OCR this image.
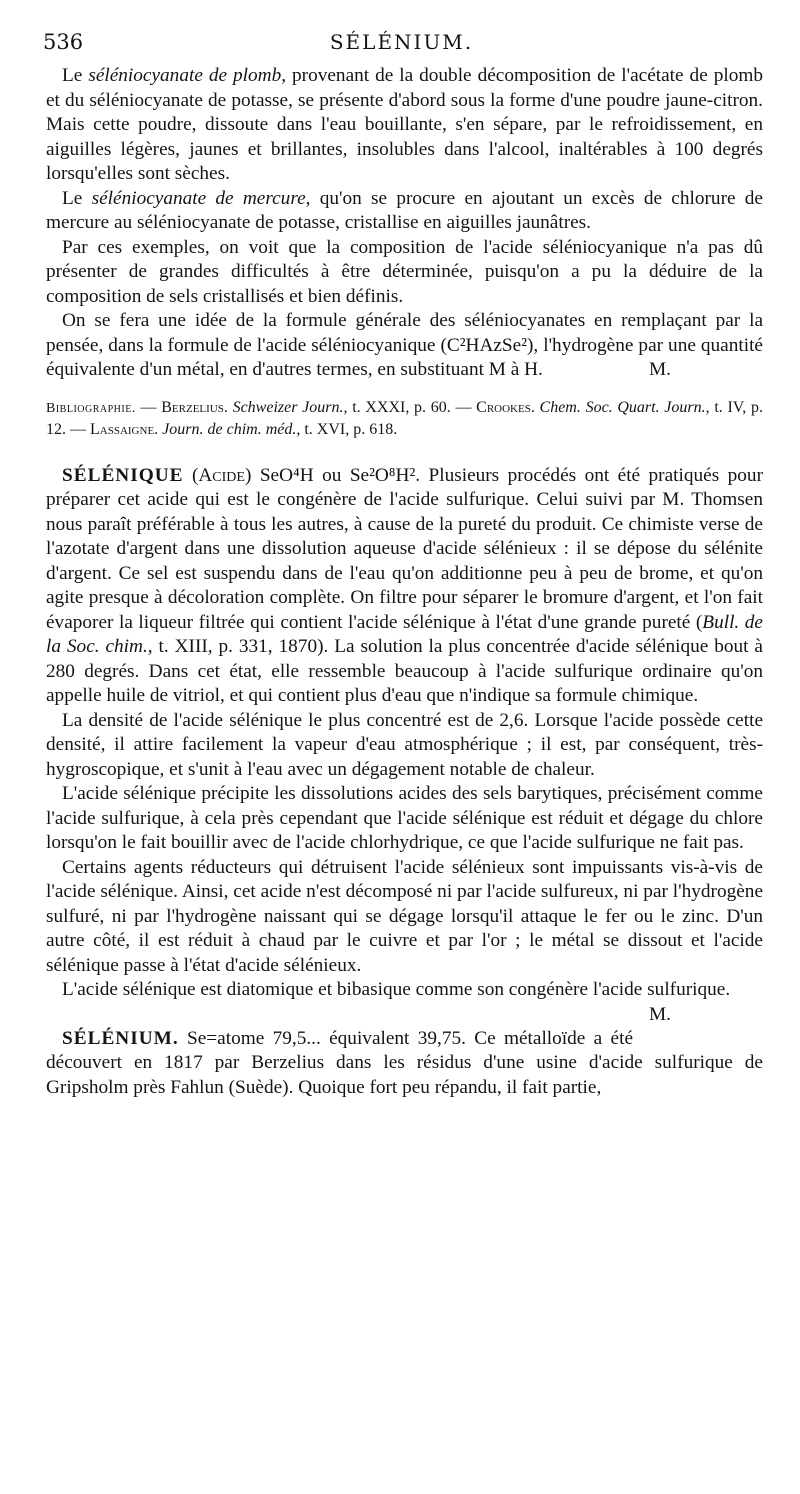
536	SÉLÉNIUM.

Le séléniocyanate de plomb, provenant de la double décomposition de l'acétate de plomb et du séléniocyanate de potasse, se présente d'abord sous la forme d'une poudre jaune-citron. Mais cette poudre, dissoute dans l'eau bouillante, s'en sépare, par le refroidissement, en aiguilles légères, jaunes et brillantes, insolubles dans l'alcool, inaltérables à 100 degrés lorsqu'elles sont sèches.

Le séléniocyanate de mercure, qu'on se procure en ajoutant un excès de chlorure de mercure au séléniocyanate de potasse, cristallise en aiguilles jaunâtres.

Par ces exemples, on voit que la composition de l'acide séléniocyanique n'a pas dû présenter de grandes difficultés à être déterminée, puisqu'on a pu la déduire de la composition de sels cristallisés et bien définis.

On se fera une idée de la formule générale des séléniocyanates en remplaçant par la pensée, dans la formule de l'acide séléniocyanique (C²HAzSe²), l'hydrogène par une quantité équivalente d'un métal, en d'autres termes, en substituant M à H.	M.

Bibliographie. — Berzelius. Schweizer Journ., t. XXXI, p. 60. — Crookes. Chem. Soc. Quart. Journ., t. IV, p. 12. — Lassaigne. Journ. de chim. méd., t. XVI, p. 618.

SÉLÉNIQUE (Acide) SeO⁴H ou Se²O⁸H². Plusieurs procédés ont été pratiqués pour préparer cet acide qui est le congénère de l'acide sulfurique. Celui suivi par M. Thomsen nous paraît préférable à tous les autres, à cause de la pureté du produit. Ce chimiste verse de l'azotate d'argent dans une dissolution aqueuse d'acide sélénieux : il se dépose du sélénite d'argent. Ce sel est suspendu dans de l'eau qu'on additionne peu à peu de brome, et qu'on agite presque à décoloration complète. On filtre pour séparer le bromure d'argent, et l'on fait évaporer la liqueur filtrée qui contient l'acide sélénique à l'état d'une grande pureté (Bull. de la Soc. chim., t. XIII, p. 331, 1870). La solution la plus concentrée d'acide sélénique bout à 280 degrés. Dans cet état, elle ressemble beaucoup à l'acide sulfurique ordinaire qu'on appelle huile de vitriol, et qui contient plus d'eau que n'indique sa formule chimique.

La densité de l'acide sélénique le plus concentré est de 2,6. Lorsque l'acide possède cette densité, il attire facilement la vapeur d'eau atmosphérique ; il est, par conséquent, très-hygroscopique, et s'unit à l'eau avec un dégagement notable de chaleur.

L'acide sélénique précipite les dissolutions acides des sels barytiques, précisément comme l'acide sulfurique, à cela près cependant que l'acide sélénique est réduit et dégage du chlore lorsqu'on le fait bouillir avec de l'acide chlorhydrique, ce que l'acide sulfurique ne fait pas.

Certains agents réducteurs qui détruisent l'acide sélénieux sont impuissants vis-à-vis de l'acide sélénique. Ainsi, cet acide n'est décomposé ni par l'acide sulfureux, ni par l'hydrogène sulfuré, ni par l'hydrogène naissant qui se dégage lorsqu'il attaque le fer ou le zinc. D'un autre côté, il est réduit à chaud par le cuivre et par l'or ; le métal se dissout et l'acide sélénique passe à l'état d'acide sélénieux.

L'acide sélénique est diatomique et bibasique comme son congénère l'acide sulfurique.
M.

SÉLÉNIUM. Se=atome 79,5... équivalent 39,75. Ce métalloïde a été découvert en 1817 par Berzelius dans les résidus d'une usine d'acide sulfurique de Gripsholm près Fahlun (Suède). Quoique fort peu répandu, il fait partie,
